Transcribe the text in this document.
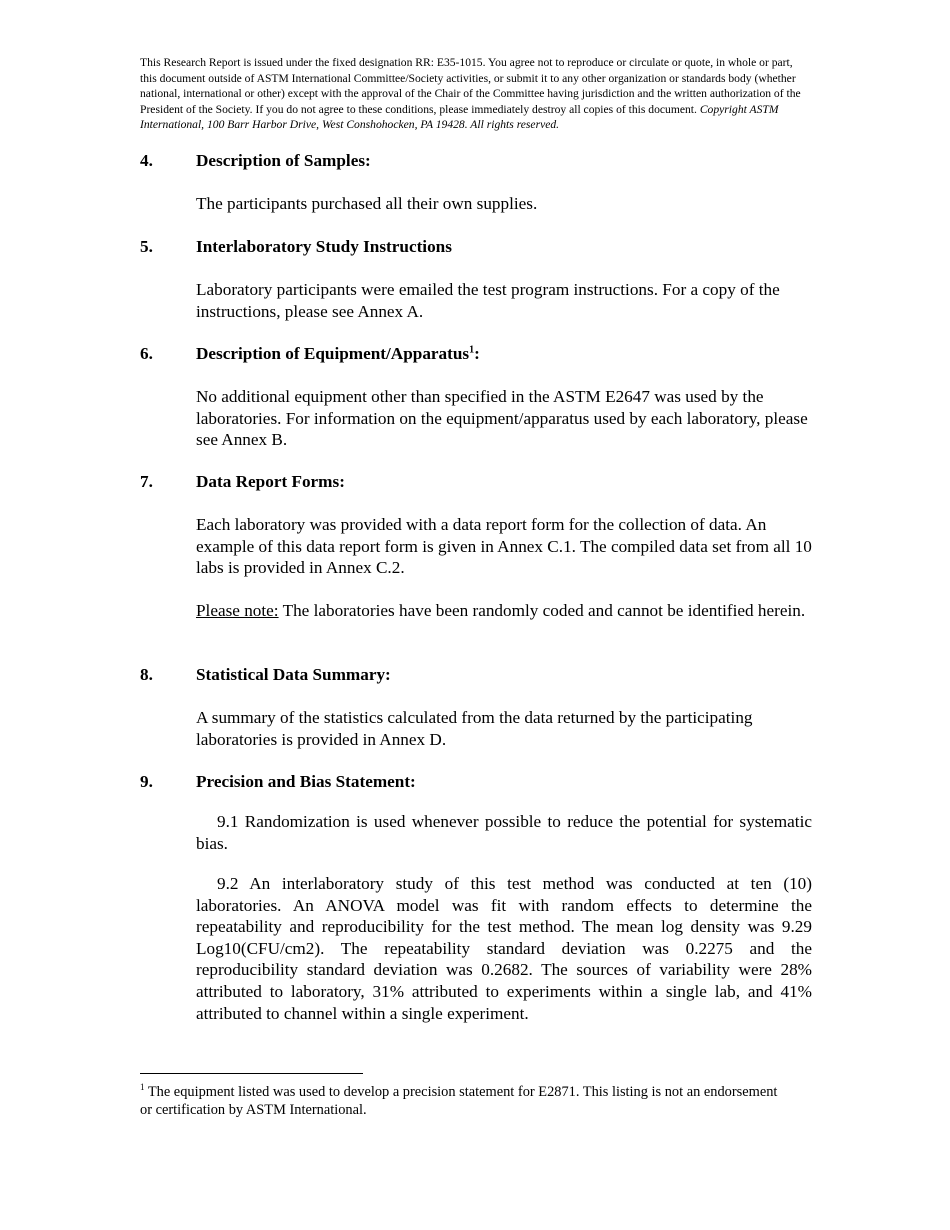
This Research Report is issued under the fixed designation RR: E35-1015. You agree not to reproduce or circulate or quote, in whole or part, this document outside of ASTM International Committee/Society activities, or submit it to any other organization or standards body (whether national, international or other) except with the approval of the Chair of the Committee having jurisdiction and the written authorization of the President of the Society. If you do not agree to these conditions, please immediately destroy all copies of this document. Copyright ASTM International, 100 Barr Harbor Drive, West Conshohocken, PA 19428. All rights reserved.
4.	Description of Samples:
The participants purchased all their own supplies.
5.	Interlaboratory Study Instructions
Laboratory participants were emailed the test program instructions. For a copy of the instructions, please see Annex A.
6.	Description of Equipment/Apparatus$^1$:
No additional equipment other than specified in the ASTM E2647 was used by the laboratories. For information on the equipment/apparatus used by each laboratory, please see Annex B.
7.	Data Report Forms:
Each laboratory was provided with a data report form for the collection of data. An example of this data report form is given in Annex C.1. The compiled data set from all 10 labs is provided in Annex C.2.
Please note: The laboratories have been randomly coded and cannot be identified herein.
8.	Statistical Data Summary:
A summary of the statistics calculated from the data returned by the participating laboratories is provided in Annex D.
9.	Precision and Bias Statement:
9.1 Randomization is used whenever possible to reduce the potential for systematic bias.
9.2 An interlaboratory study of this test method was conducted at ten (10) laboratories. An ANOVA model was fit with random effects to determine the repeatability and reproducibility for the test method. The mean log density was 9.29 Log10(CFU/cm2). The repeatability standard deviation was 0.2275 and the reproducibility standard deviation was 0.2682. The sources of variability were 28% attributed to laboratory, 31% attributed to experiments within a single lab, and 41% attributed to channel within a single experiment.
$^1$ The equipment listed was used to develop a precision statement for E2871. This listing is not an endorsement or certification by ASTM International.
